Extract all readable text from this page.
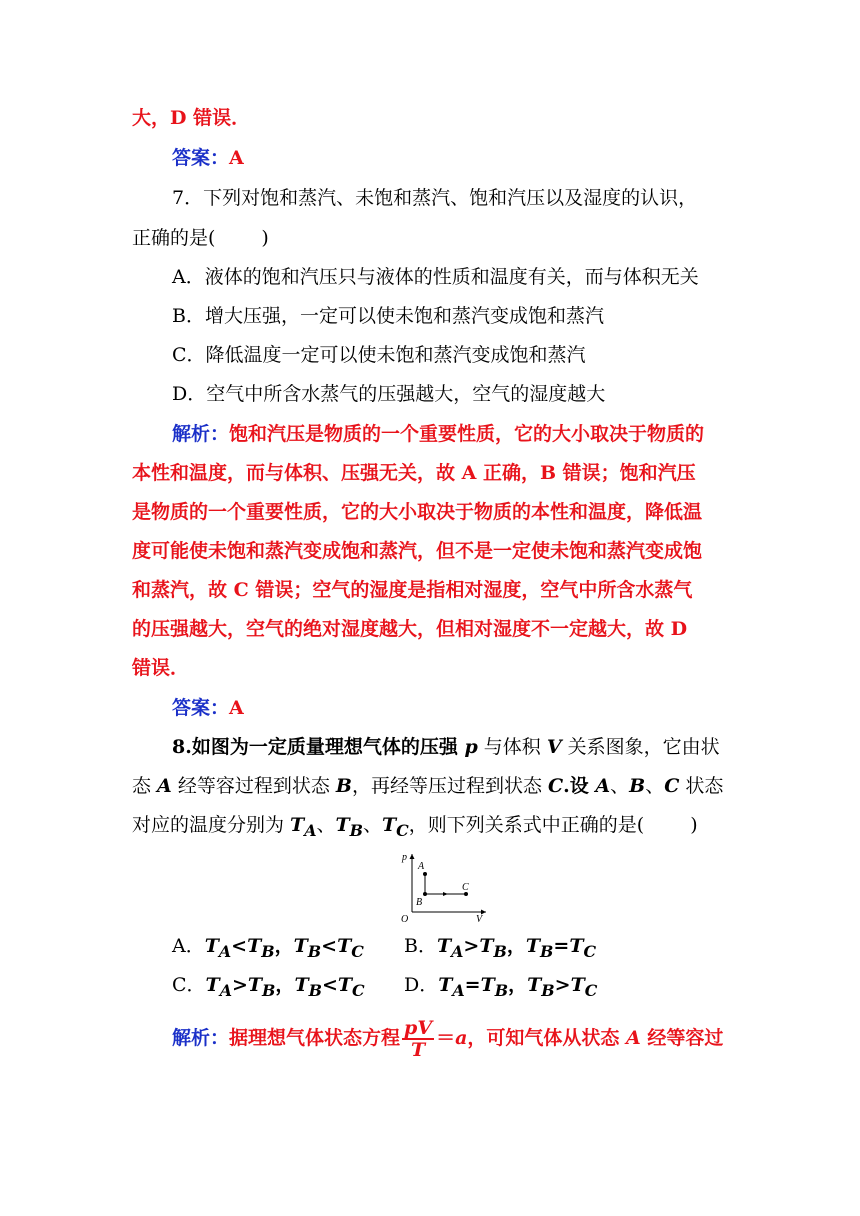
大，D 错误．
答案：A
7．下列对饱和蒸汽、未饱和蒸汽、饱和汽压以及湿度的认识，
正确的是( )
A．液体的饱和汽压只与液体的性质和温度有关，而与体积无关
B．增大压强，一定可以使未饱和蒸汽变成饱和蒸汽
C．降低温度一定可以使未饱和蒸汽变成饱和蒸汽
D．空气中所含水蒸气的压强越大，空气的湿度越大
解析：饱和汽压是物质的一个重要性质，它的大小取决于物质的
本性和温度，而与体积、压强无关，故 A 正确，B 错误；饱和汽压
是物质的一个重要性质，它的大小取决于物质的本性和温度，降低温
度可能使未饱和蒸汽变成饱和蒸汽，但不是一定使未饱和蒸汽变成饱
和蒸汽，故 C 错误；空气的湿度是指相对湿度，空气中所含水蒸气
的压强越大，空气的绝对湿度越大，但相对湿度不一定越大，故 D
错误．
答案：A
8.如图为一定质量理想气体的压强 p 与体积 V 关系图象，它由状
态 A 经等容过程到状态 B，再经等压过程到状态 C.设 A、B、C 状态
对应的温度分别为 $T_A$、$T_B$、$T_C$，则下列关系式中正确的是( )
p
V
O
A
B
C
A．$T_A<T_B$，$T_B<T_C$ B．$T_A>T_B$，$T_B=T_C$
C．$T_A>T_B$，$T_B<T_C$ D．$T_A=T_B$，$T_B>T_C$
解析：据理想气体状态方程 $\frac{pV}{T} =a$，可知气体从状态 A 经等容过
